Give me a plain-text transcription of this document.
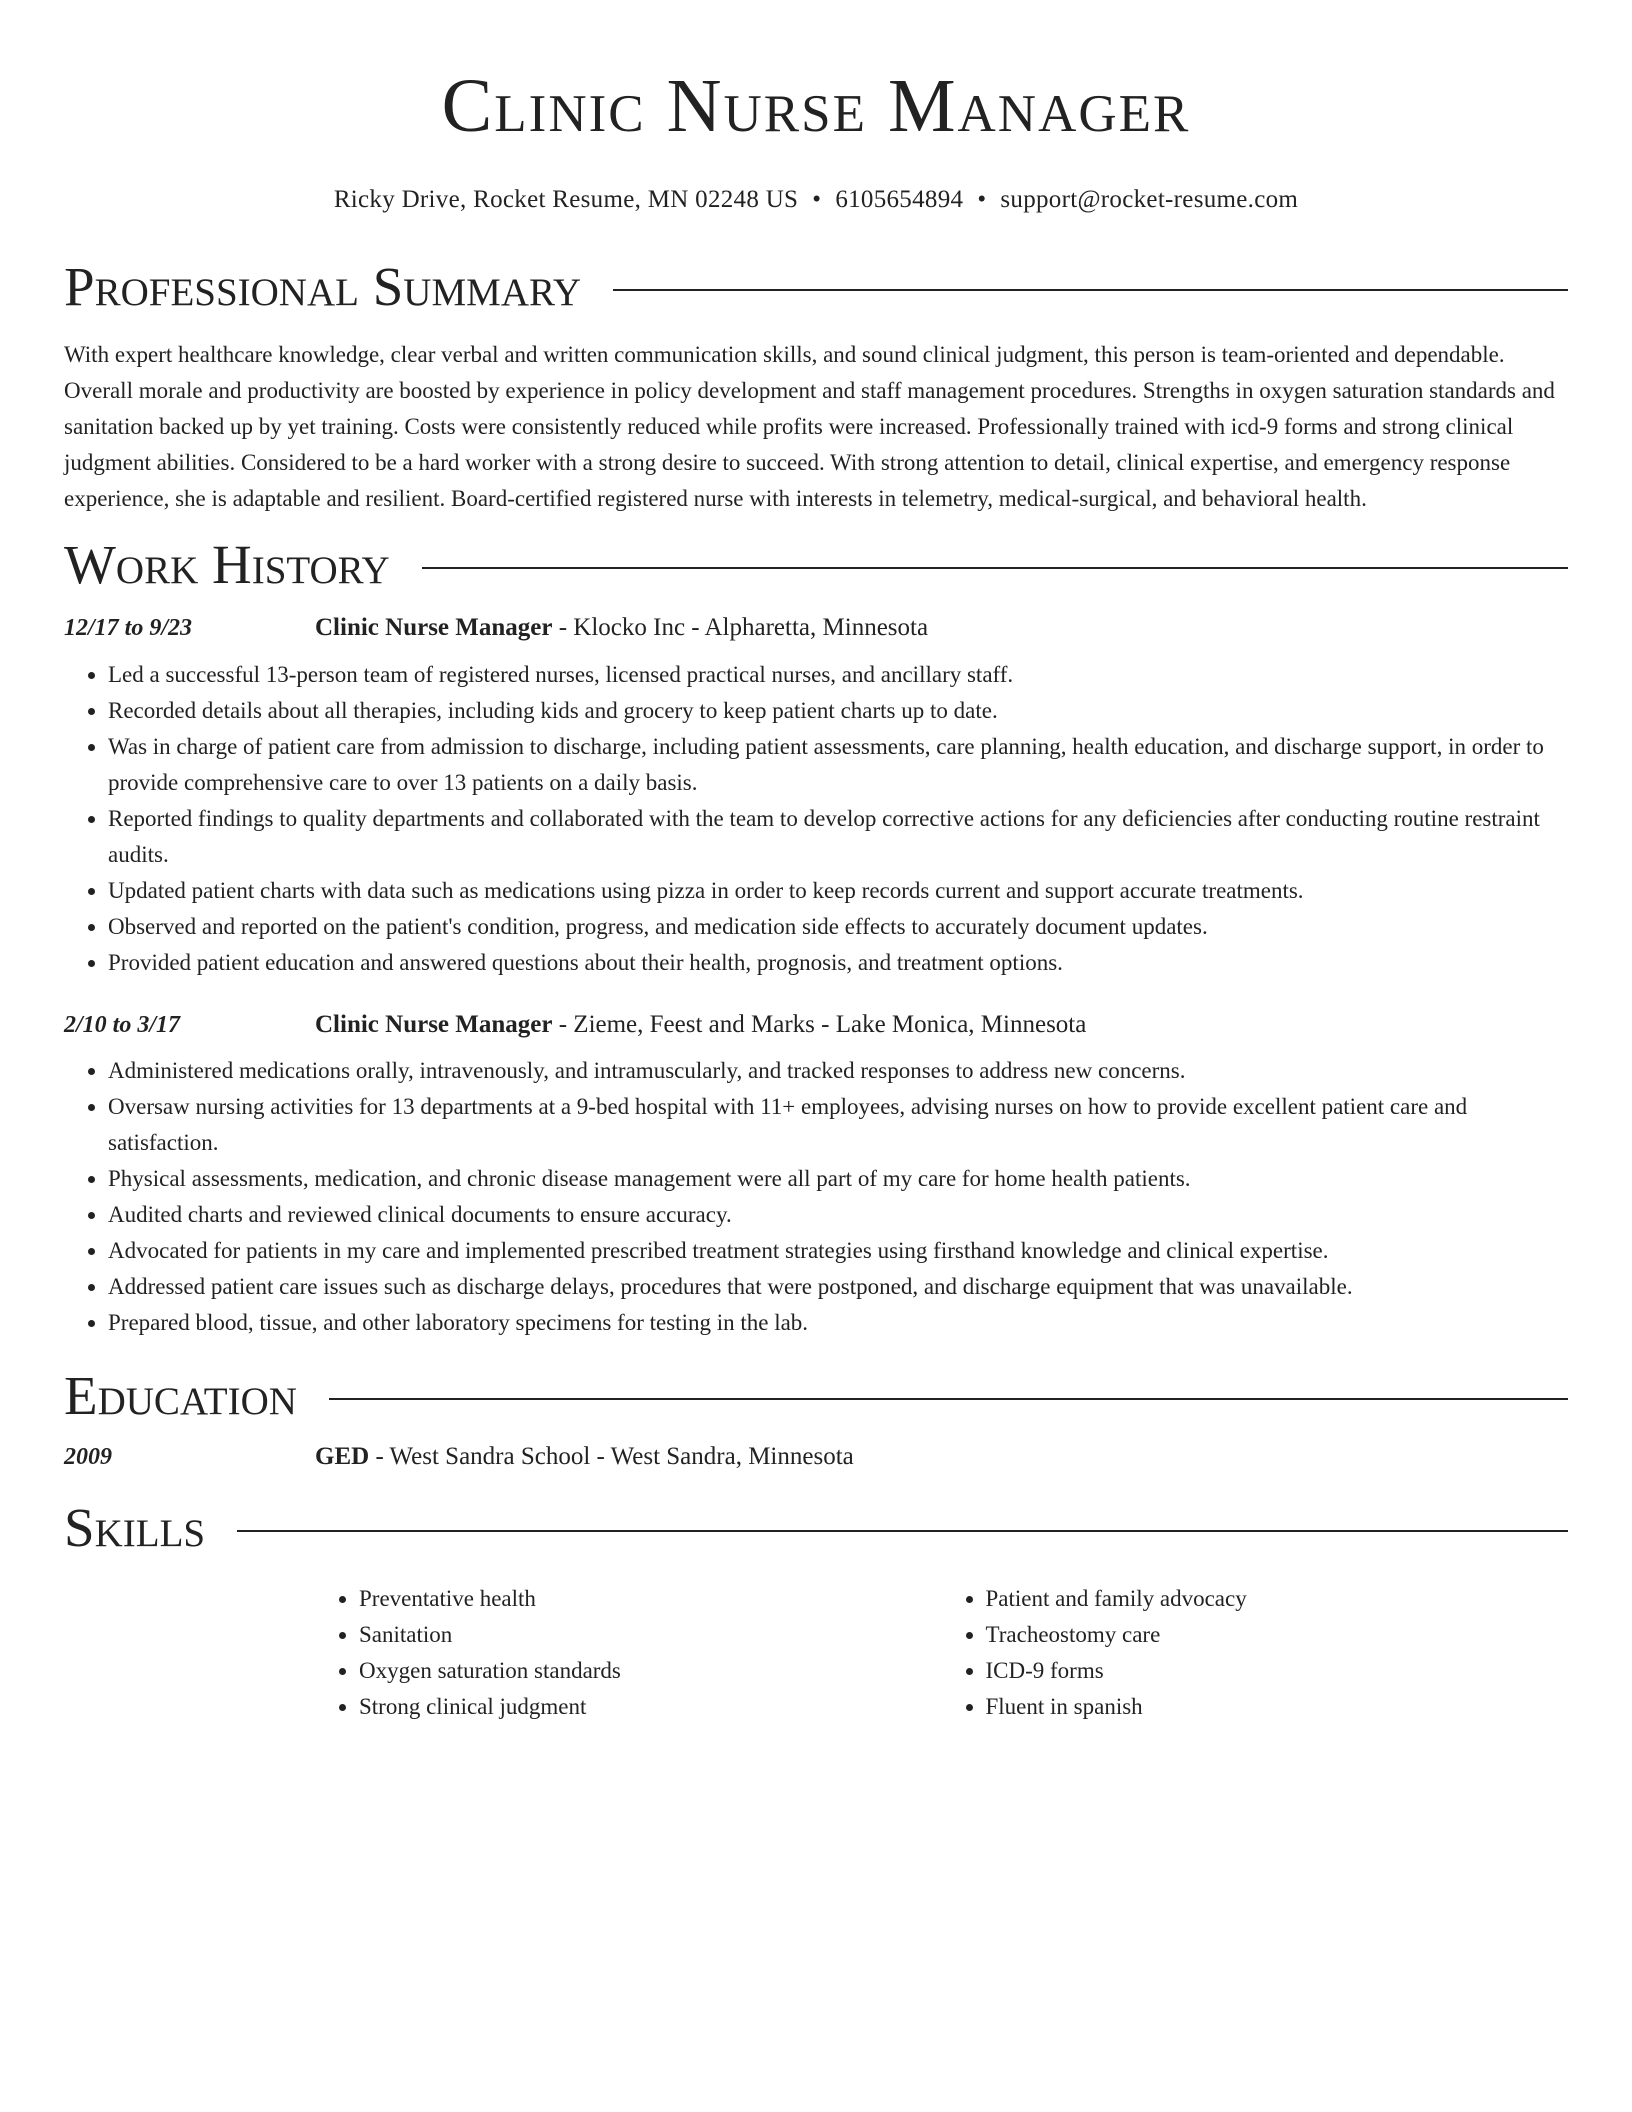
Clinic Nurse Manager
Ricky Drive, Rocket Resume, MN 02248 US • 6105654894 • support@rocket-resume.com
Professional Summary

With expert healthcare knowledge, clear verbal and written communication skills, and sound clinical judgment, this person is team-oriented and dependable. Overall morale and productivity are boosted by experience in policy development and staff management procedures. Strengths in oxygen saturation standards and sanitation backed up by yet training. Costs were consistently reduced while profits were increased. Professionally trained with icd-9 forms and strong clinical judgment abilities. Considered to be a hard worker with a strong desire to succeed. With strong attention to detail, clinical expertise, and emergency response experience, she is adaptable and resilient. Board-certified registered nurse with interests in telemetry, medical-surgical, and behavioral health.

Work History
12/17 to 9/23	Clinic Nurse Manager - Klocko Inc - Alpharetta, Minnesota
• Led a successful 13-person team of registered nurses, licensed practical nurses, and ancillary staff.
• Recorded details about all therapies, including kids and grocery to keep patient charts up to date.
• Was in charge of patient care from admission to discharge, including patient assessments, care planning, health education, and discharge support, in order to provide comprehensive care to over 13 patients on a daily basis.
• Reported findings to quality departments and collaborated with the team to develop corrective actions for any deficiencies after conducting routine restraint audits.
• Updated patient charts with data such as medications using pizza in order to keep records current and support accurate treatments.
• Observed and reported on the patient's condition, progress, and medication side effects to accurately document updates.
• Provided patient education and answered questions about their health, prognosis, and treatment options.
2/10 to 3/17	Clinic Nurse Manager - Zieme, Feest and Marks - Lake Monica, Minnesota
• Administered medications orally, intravenously, and intramuscularly, and tracked responses to address new concerns.
• Oversaw nursing activities for 13 departments at a 9-bed hospital with 11+ employees, advising nurses on how to provide excellent patient care and satisfaction.
• Physical assessments, medication, and chronic disease management were all part of my care for home health patients.
• Audited charts and reviewed clinical documents to ensure accuracy.
• Advocated for patients in my care and implemented prescribed treatment strategies using firsthand knowledge and clinical expertise.
• Addressed patient care issues such as discharge delays, procedures that were postponed, and discharge equipment that was unavailable.
• Prepared blood, tissue, and other laboratory specimens for testing in the lab.
Education
2009	GED - West Sandra School - West Sandra, Minnesota
Skills
• Preventative health
• Sanitation
• Oxygen saturation standards
• Strong clinical judgment
• Patient and family advocacy
• Tracheostomy care
• ICD-9 forms
• Fluent in spanish
